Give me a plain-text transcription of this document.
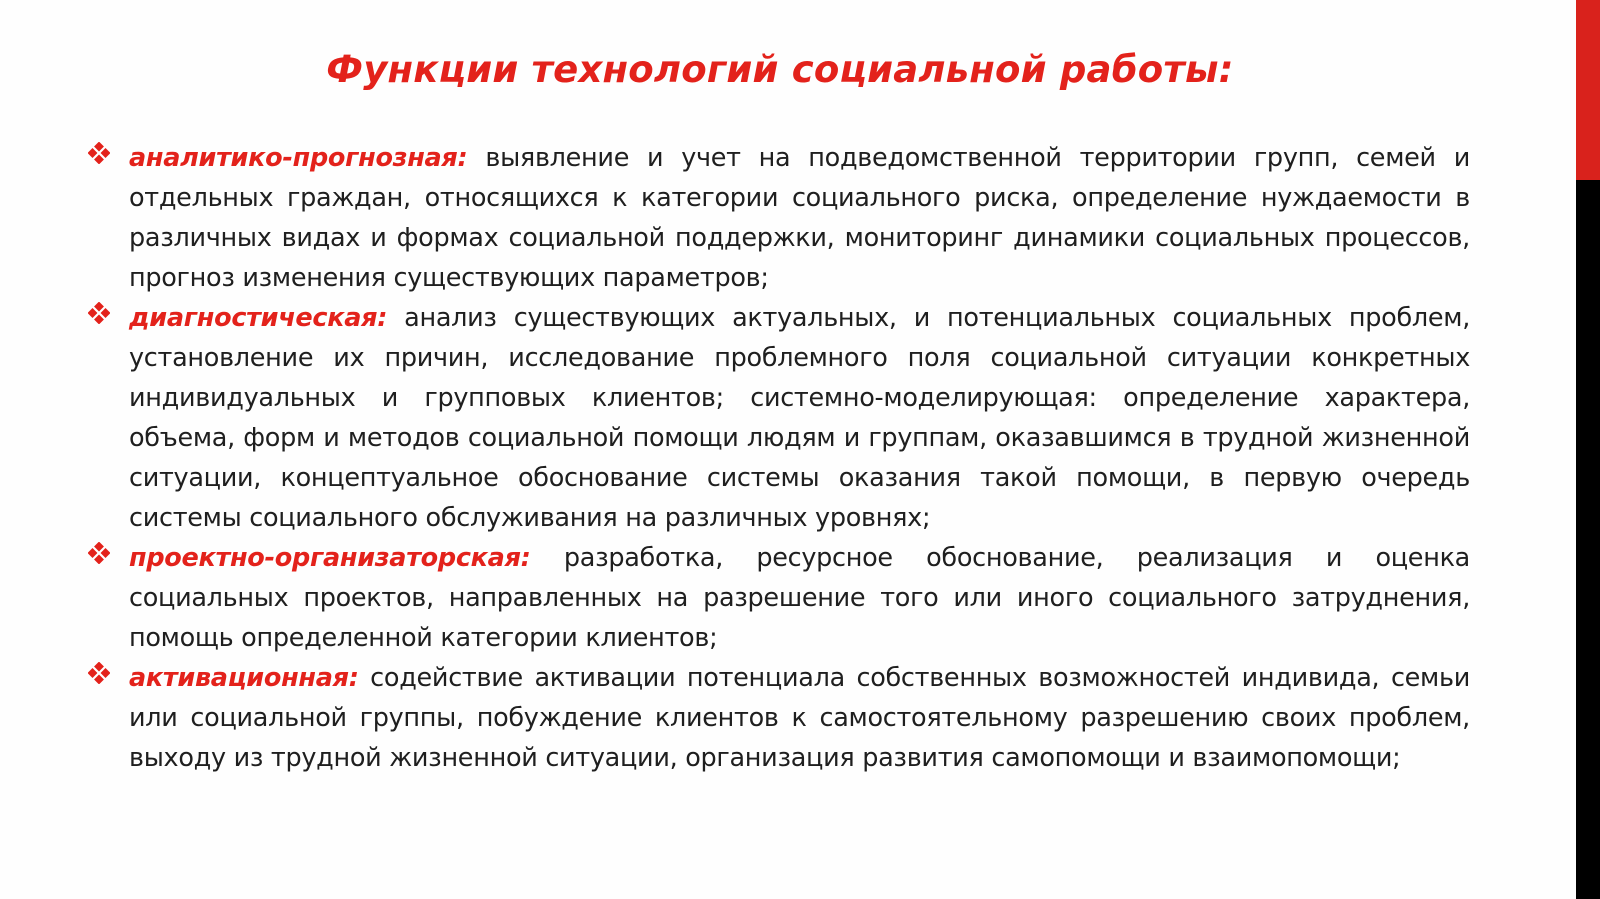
Функции технологий социальной работы:
аналитико-прогнозная: выявление и учет на подведомственной территории групп, семей и отдельных граждан, относящихся к категории социального риска, определение нуждаемости в различных видах и формах социальной поддержки, мониторинг динамики социальных процессов, прогноз изменения существующих параметров;
диагностическая: анализ существующих актуальных, и потенциальных социальных проблем, установление их причин, исследование проблемного поля социальной ситуации конкретных индивидуальных и групповых клиентов; системно-моделирующая: определение характера, объема, форм и методов социальной помощи людям и группам, оказавшимся в трудной жизненной ситуации, концептуальное обоснование системы оказания такой помощи, в первую очередь системы социального обслуживания на различных уровнях;
проектно-организаторская: разработка, ресурсное обоснование, реализация и оценка социальных проектов, направленных на разрешение того или иного социального затруднения, помощь определенной категории клиентов;
активационная: содействие активации потенциала собственных возможностей индивида, семьи или социальной группы, побуждение клиентов к самостоятельному разрешению своих проблем, выходу из трудной жизненной ситуации, организация развития самопомощи и взаимопомощи;
